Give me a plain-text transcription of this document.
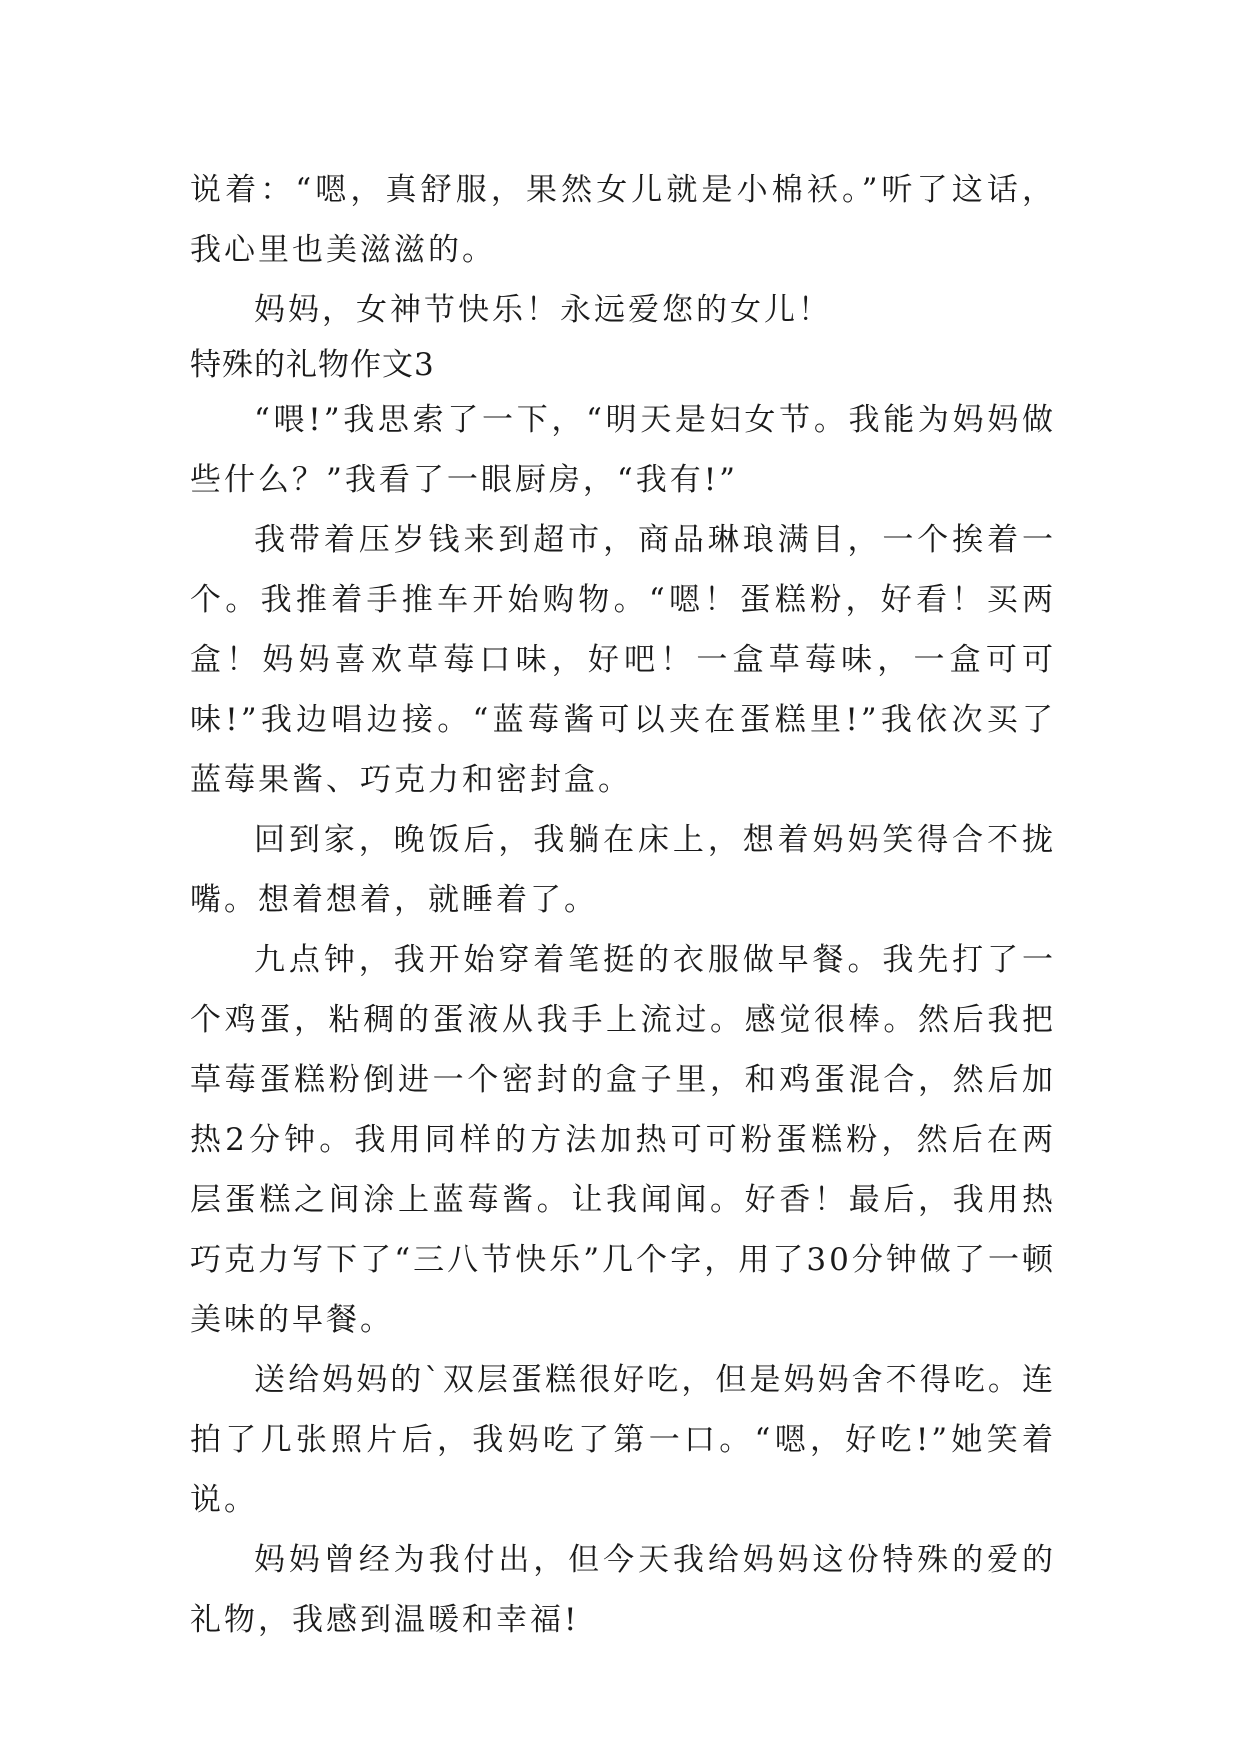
说着：“嗯，真舒服，果然女儿就是小棉袄。”听了这话，我心里也美滋滋的。

妈妈，女神节快乐！永远爱您的女儿！

特殊的礼物作文3

“喂!”我思索了一下，“明天是妇女节。我能为妈妈做些什么？”我看了一眼厨房，“我有!”

我带着压岁钱来到超市，商品琳琅满目，一个挨着一个。我推着手推车开始购物。“嗯！蛋糕粉，好看！买两盒！妈妈喜欢草莓口味，好吧！一盒草莓味，一盒可可味!”我边唱边接。“蓝莓酱可以夹在蛋糕里!”我依次买了蓝莓果酱、巧克力和密封盒。

回到家，晚饭后，我躺在床上，想着妈妈笑得合不拢嘴。想着想着，就睡着了。

九点钟，我开始穿着笔挺的衣服做早餐。我先打了一个鸡蛋，粘稠的蛋液从我手上流过。感觉很棒。然后我把草莓蛋糕粉倒进一个密封的盒子里，和鸡蛋混合，然后加热2分钟。我用同样的方法加热可可粉蛋糕粉，然后在两层蛋糕之间涂上蓝莓酱。让我闻闻。好香！最后，我用热巧克力写下了“三八节快乐”几个字，用了30分钟做了一顿美味的早餐。

送给妈妈的`双层蛋糕很好吃，但是妈妈舍不得吃。连拍了几张照片后，我妈吃了第一口。“嗯，好吃!”她笑着说。

妈妈曾经为我付出，但今天我给妈妈这份特殊的爱的礼物，我感到温暖和幸福!
